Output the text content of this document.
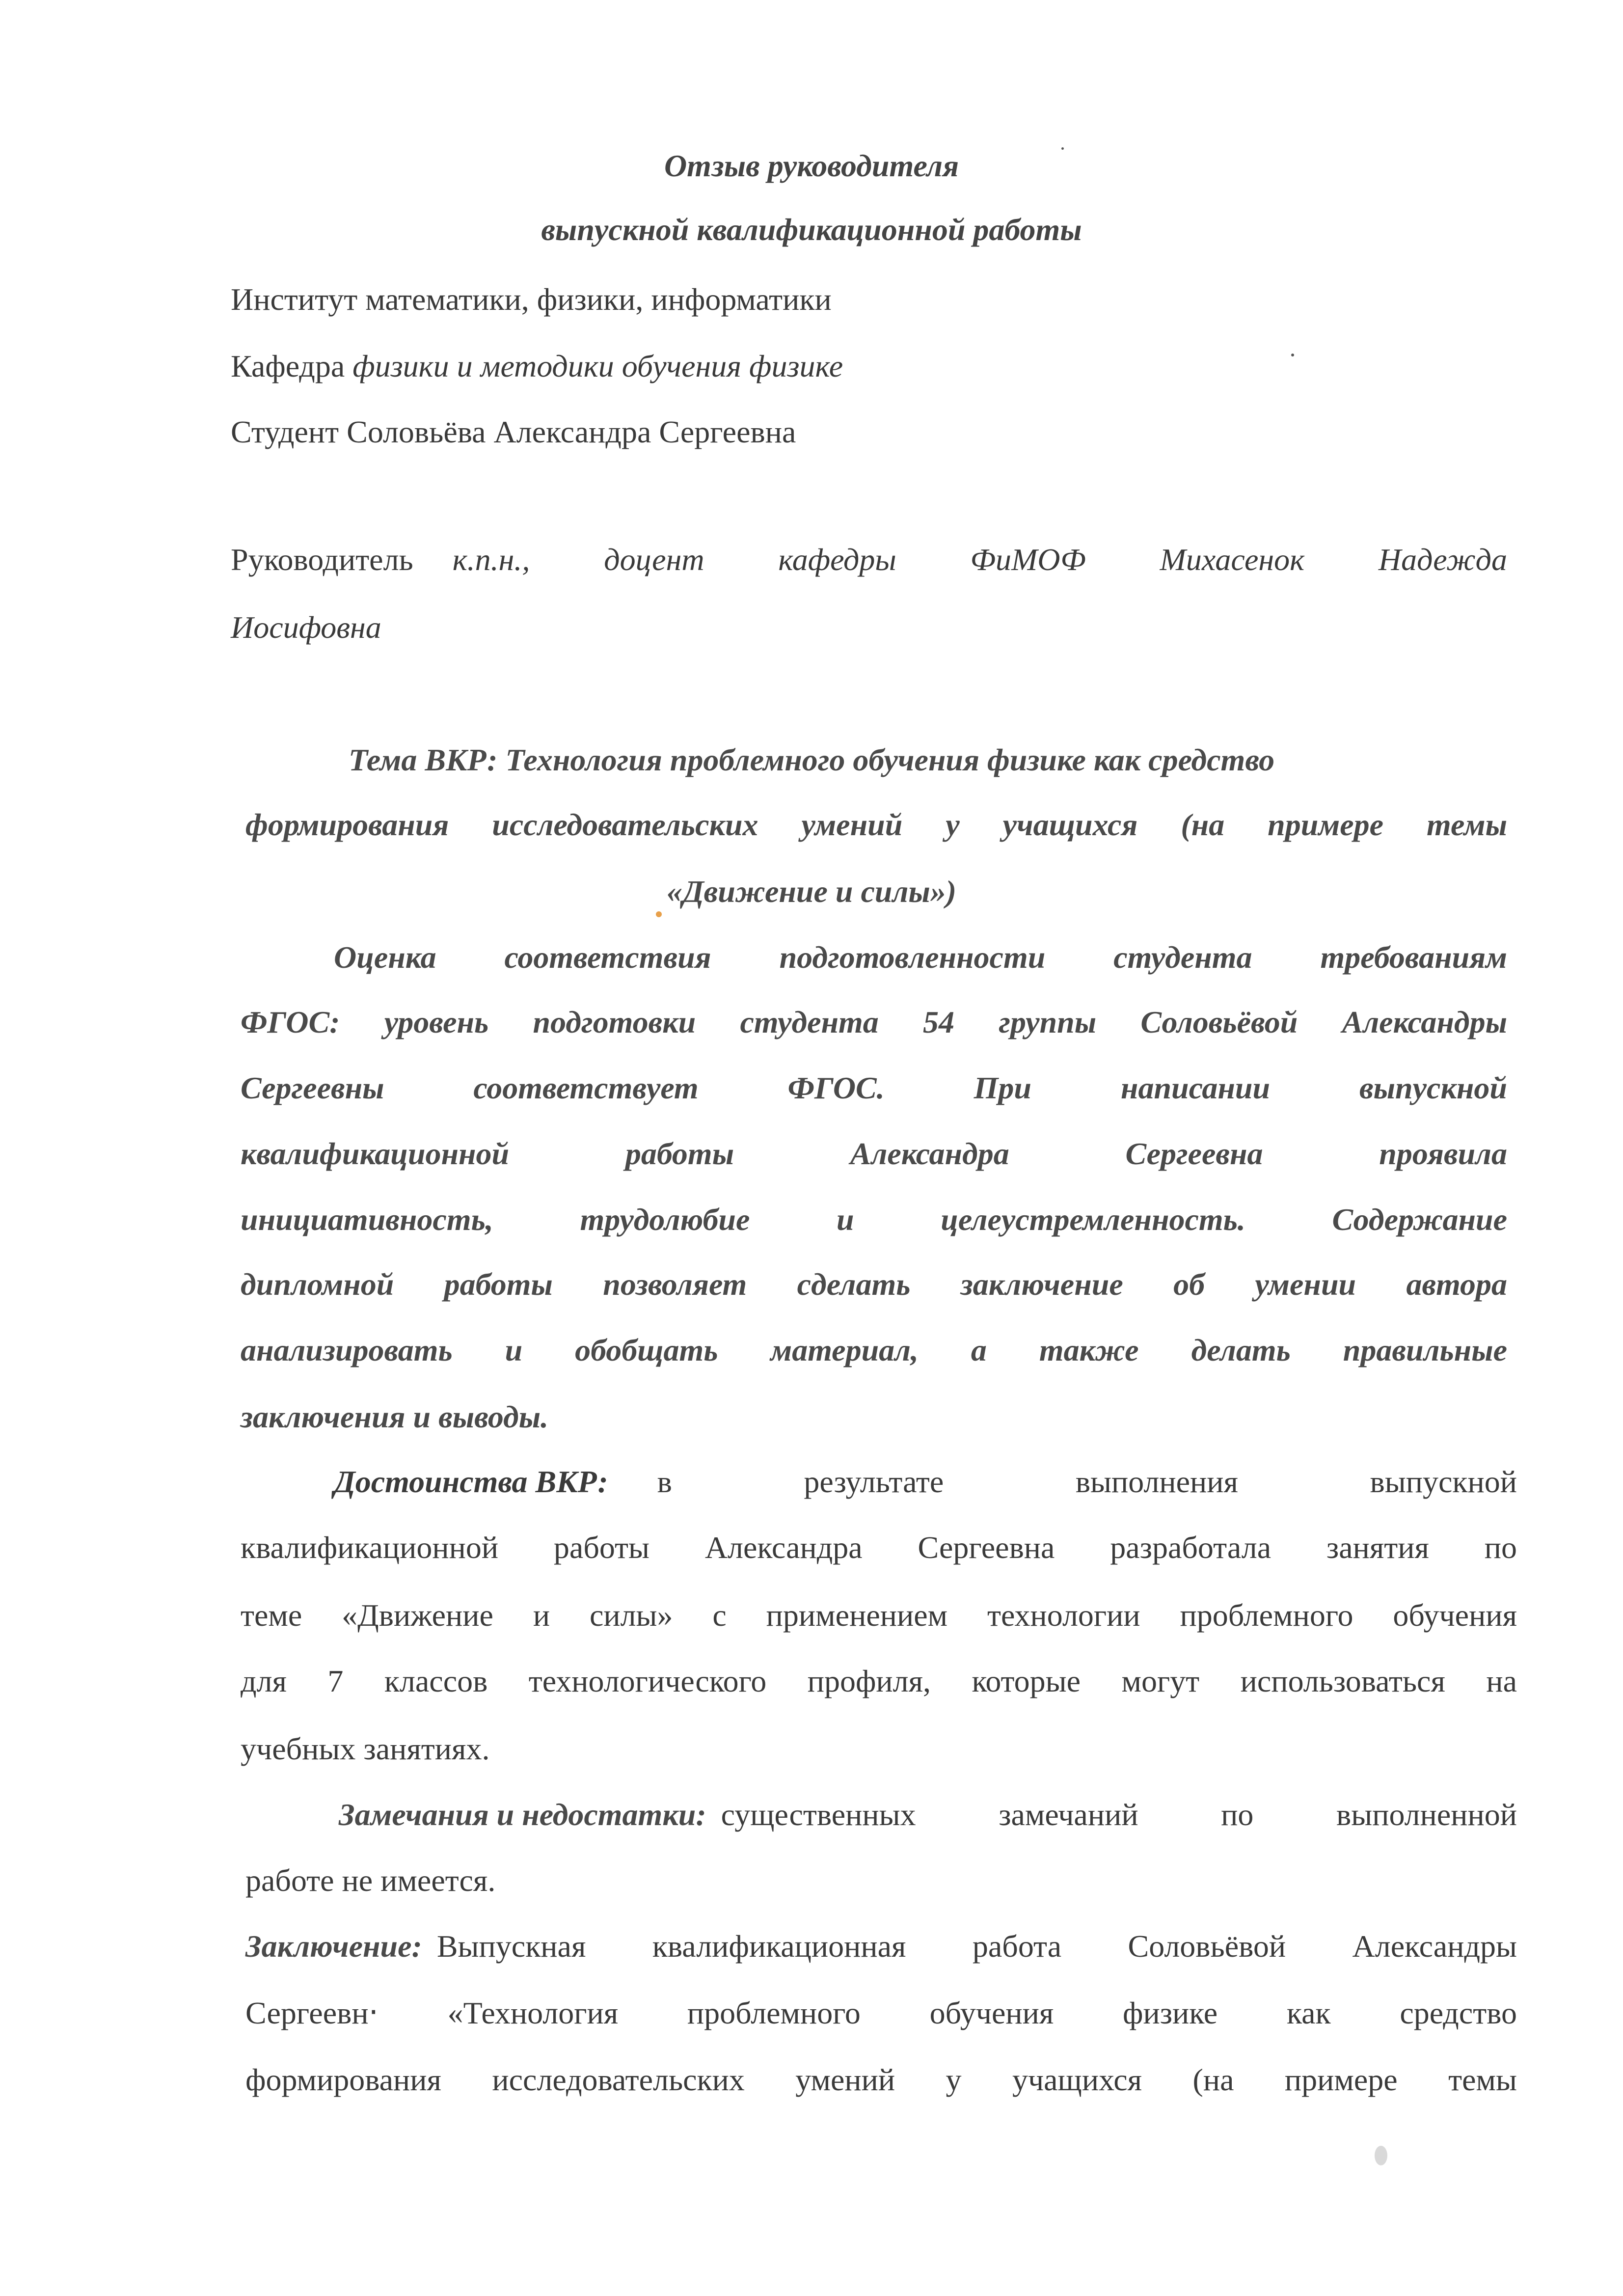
Отзыв руководителя
выпускной квалификационной работы
Институт математики, физики, информатики
Кафедра физики и методики обучения физике
Студент Соловьёва Александра Сергеевна
Руководитель к.п.н., доцент кафедры ФиМОФ Михасенок Надежда
Иосифовна
Тема ВКР: Технология проблемного обучения физике как средство
формирования исследовательских умений у учащихся (на примере темы
«Движение и силы»)
Оценка соответствия подготовленности студента требованиям
ФГОС: уровень подготовки студента 54 группы Соловьёвой Александры
Сергеевны соответствует ФГОС. При написании выпускной
квалификационной работы Александра Сергеевна проявила
инициативность, трудолюбие и целеустремленность. Содержание
дипломной работы позволяет сделать заключение об умении автора
анализировать и обобщать материал, а также делать правильные
заключения и выводы.
Достоинства ВКР: в результате выполнения выпускной
квалификационной работы Александра Сергеевна разработала занятия по
теме «Движение и силы» с применением технологии проблемного обучения
для 7 классов технологического профиля, которые могут использоваться на
учебных занятиях.
Замечания и недостатки: существенных замечаний по выполненной
работе не имеется.
Заключение: Выпускная квалификационная работа Соловьёвой Александры
Сергеевн‧ «Технология проблемного обучения физике как средство
формирования исследовательских умений у учащихся (на примере темы
